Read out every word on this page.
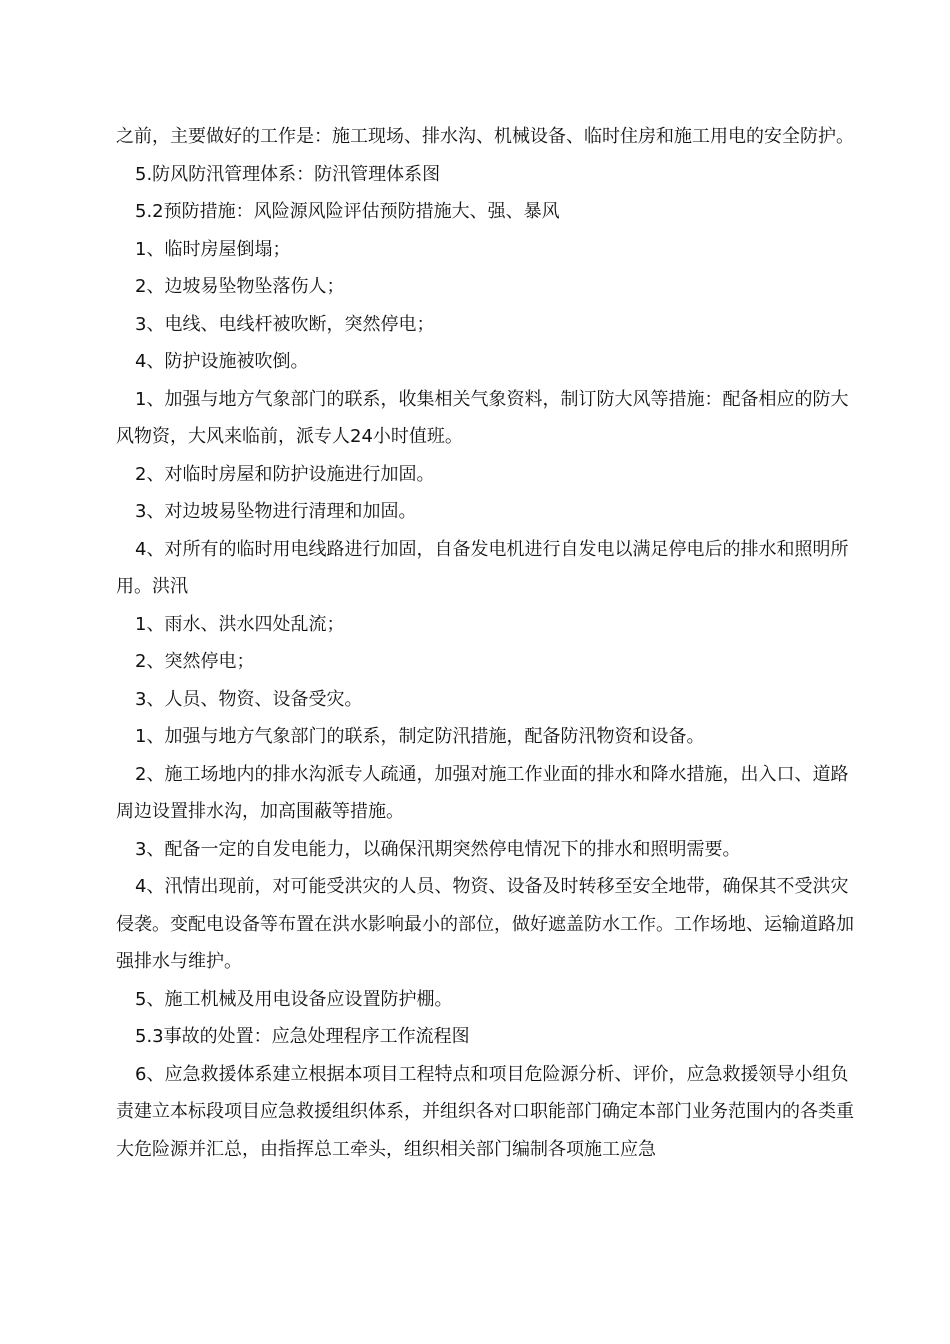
之前，主要做好的工作是：施工现场、排水沟、机械设备、临时住房和施工用电的安全防护。

5.防风防汛管理体系：防汛管理体系图

5.2预防措施：风险源风险评估预防措施大、强、暴风

1、临时房屋倒塌；

2、边坡易坠物坠落伤人；

3、电线、电线杆被吹断，突然停电；

4、防护设施被吹倒。

1、加强与地方气象部门的联系，收集相关气象资料，制订防大风等措施：配备相应的防大风物资，大风来临前，派专人24小时值班。

2、对临时房屋和防护设施进行加固。

3、对边坡易坠物进行清理和加固。

4、对所有的临时用电线路进行加固，自备发电机进行自发电以满足停电后的排水和照明所用。洪汛

1、雨水、洪水四处乱流；

2、突然停电；

3、人员、物资、设备受灾。

1、加强与地方气象部门的联系，制定防汛措施，配备防汛物资和设备。

2、施工场地内的排水沟派专人疏通，加强对施工作业面的排水和降水措施，出入口、道路周边设置排水沟，加高围蔽等措施。

3、配备一定的自发电能力，以确保汛期突然停电情况下的排水和照明需要。

4、汛情出现前，对可能受洪灾的人员、物资、设备及时转移至安全地带，确保其不受洪灾侵袭。变配电设备等布置在洪水影响最小的部位，做好遮盖防水工作。工作场地、运输道路加强排水与维护。

5、施工机械及用电设备应设置防护棚。

5.3事故的处置：应急处理程序工作流程图

6、应急救援体系建立根据本项目工程特点和项目危险源分析、评价，应急救援领导小组负责建立本标段项目应急救援组织体系，并组织各对口职能部门确定本部门业务范围内的各类重大危险源并汇总，由指挥总工牵头，组织相关部门编制各项施工应急
